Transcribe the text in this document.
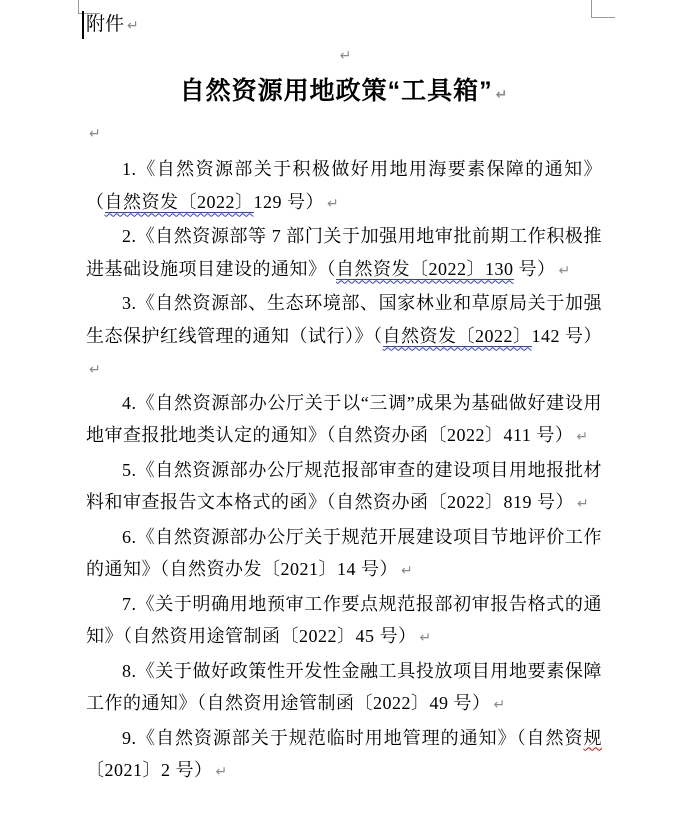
附件 ↵
↵
自然资源用地政策“工具箱” ↵
↵

1.《自然资源部关于积极做好用地用海要素保障的通知》（自然资发〔2022〕129 号） ↵

2.《自然资源部等 7 部门关于加强用地审批前期工作积极推进基础设施项目建设的通知》（自然资发〔2022〕130 号） ↵

3.《自然资源部、生态环境部、国家林业和草原局关于加强生态保护红线管理的通知（试行）》（自然资发〔2022〕142 号）↵

4.《自然资源部办公厅关于以“三调”成果为基础做好建设用地审查报批地类认定的通知》（自然资办函〔2022〕411 号） ↵

5.《自然资源部办公厅规范报部审查的建设项目用地报批材料和审查报告文本格式的函》（自然资办函〔2022〕819 号） ↵

6.《自然资源部办公厅关于规范开展建设项目节地评价工作的通知》（自然资办发〔2021〕14 号） ↵

7.《关于明确用地预审工作要点规范报部初审报告格式的通知》（自然资用途管制函〔2022〕45 号） ↵

8.《关于做好政策性开发性金融工具投放项目用地要素保障工作的通知》（自然资用途管制函〔2022〕49 号） ↵

9.《自然资源部关于规范临时用地管理的通知》（自然资规〔2021〕2 号） ↵
